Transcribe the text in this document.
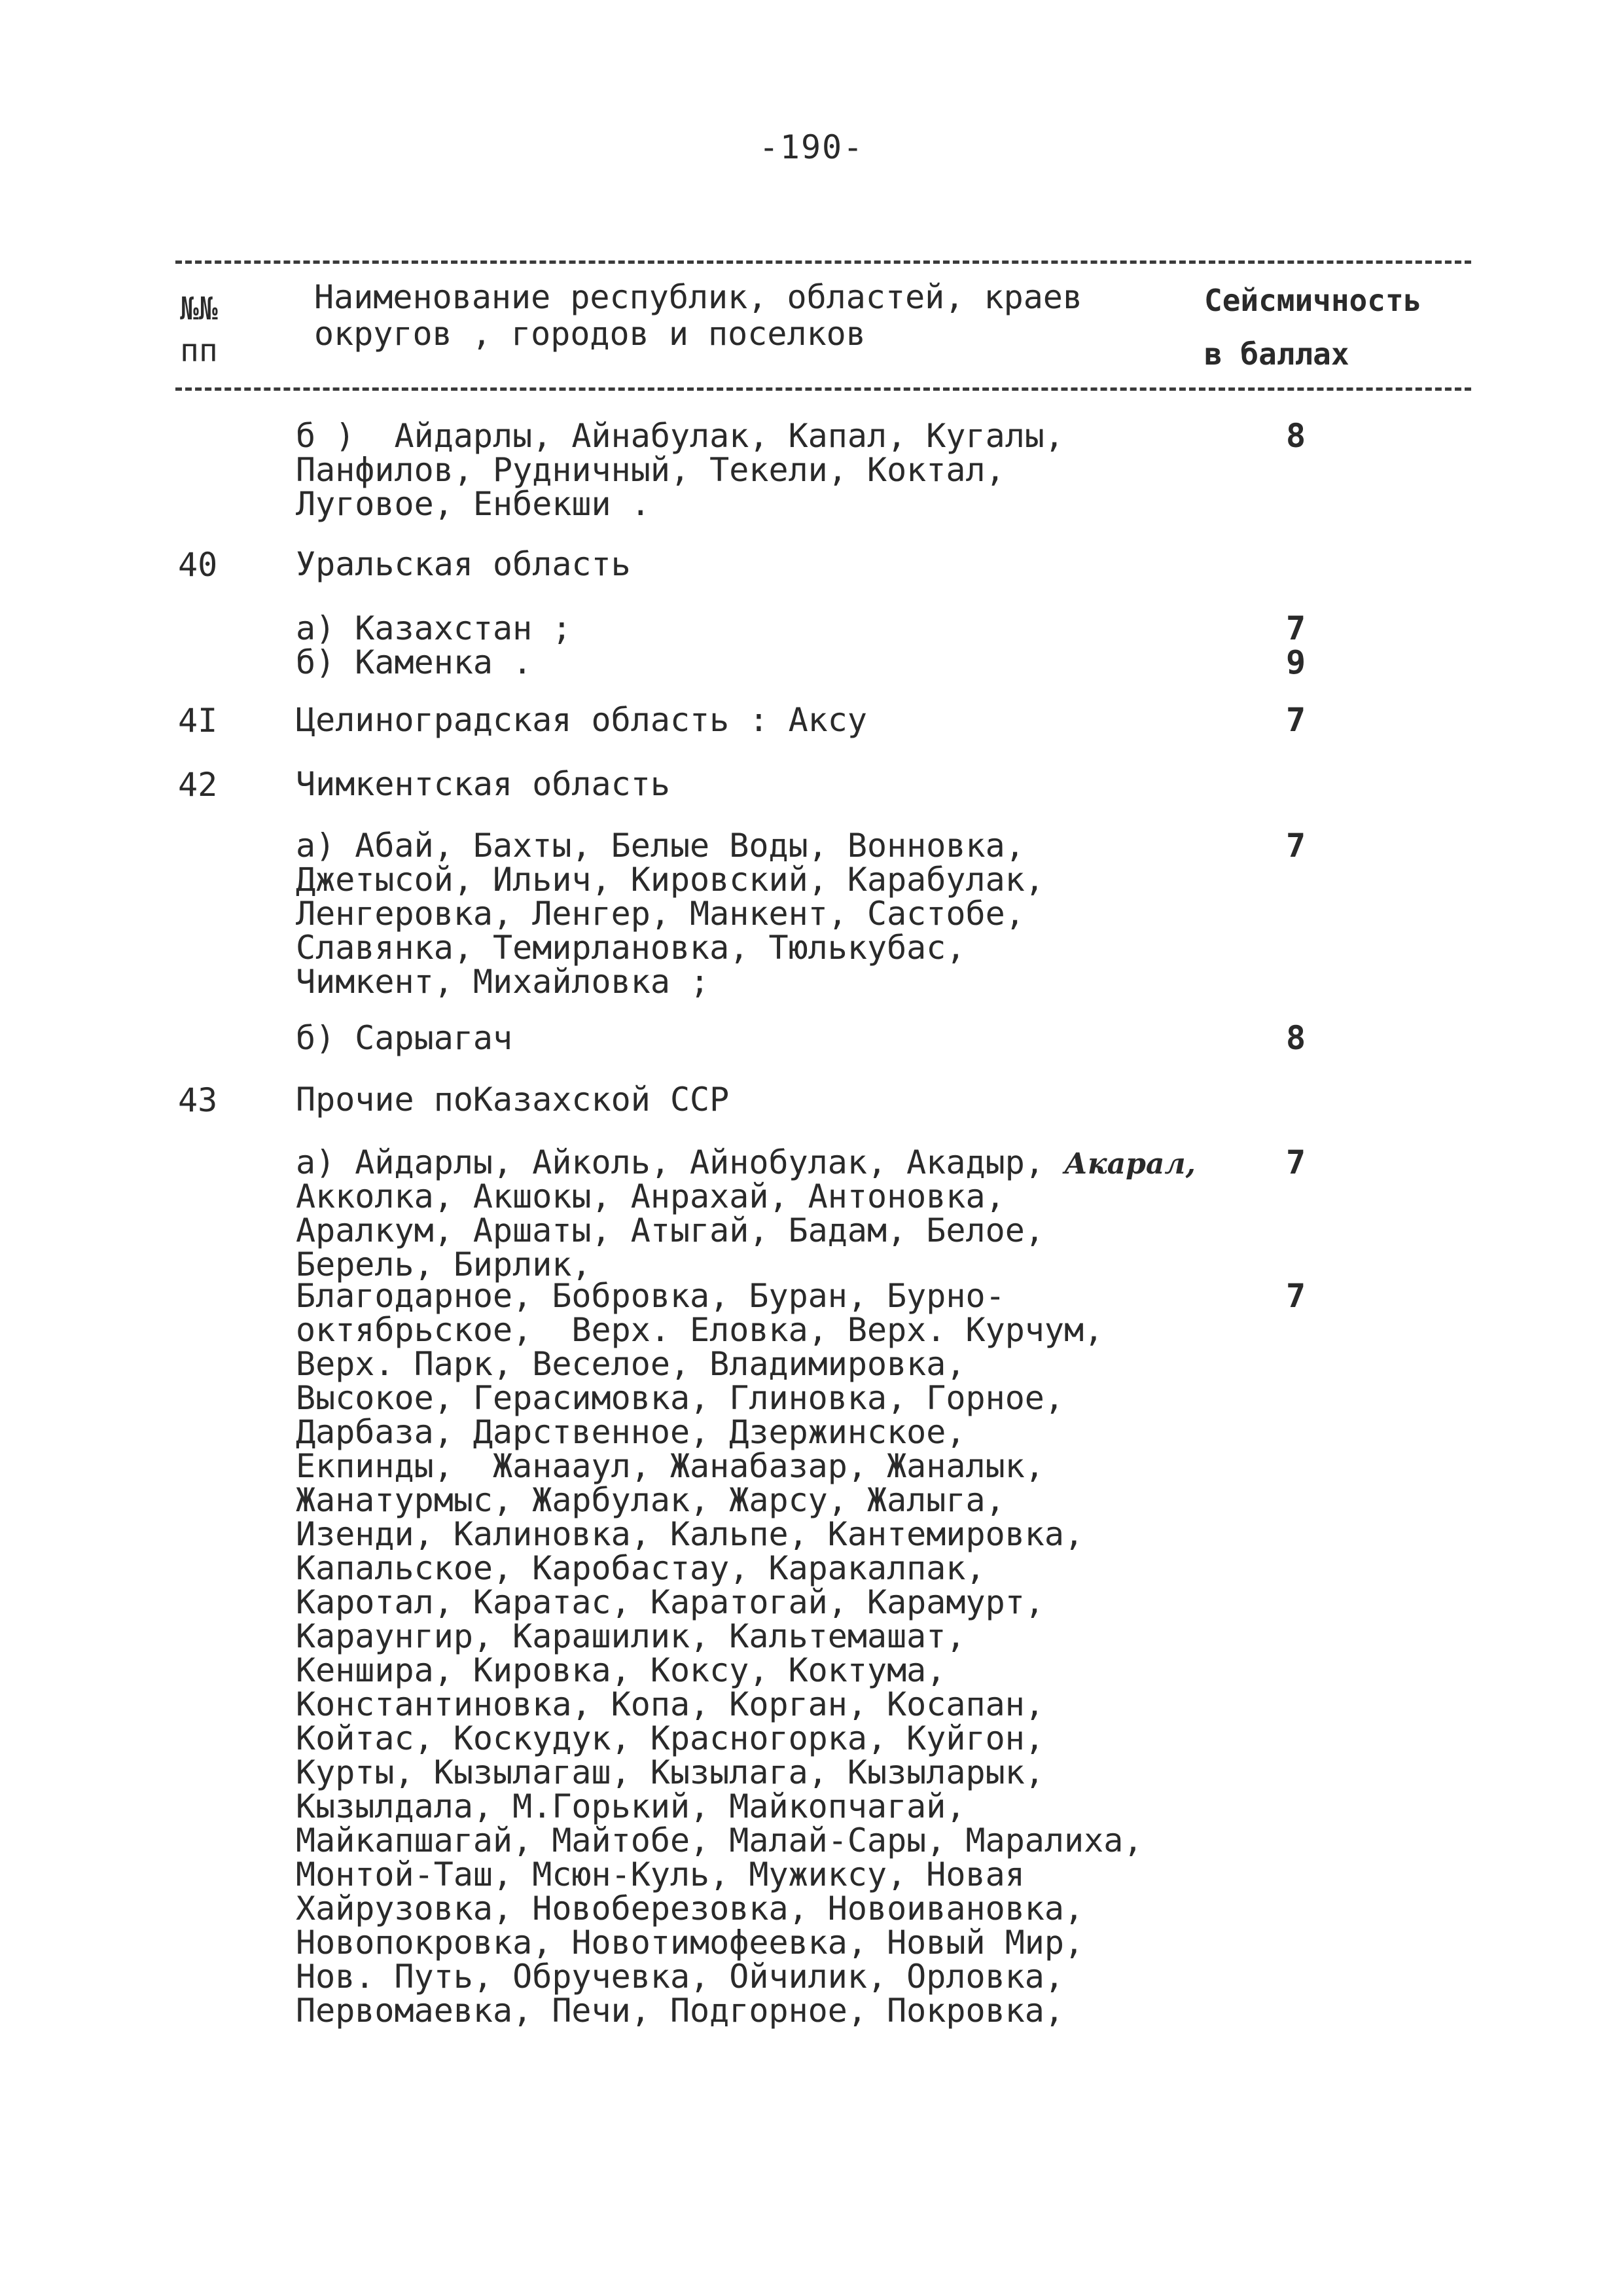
-190-
№№
пп
Наименование республик, областей, краев
округов , городов и поселков
Сейсмичность
в баллах
б )  Айдарлы, Айнабулак, Капал, Кугалы,
Панфилов, Рудничный, Текели, Коктал,
Луговое, Енбекши .
8
40 Уральская область
а) Казахстан ;
б) Каменка .
7
9
4I Целиноградская область : Аксу	7
42 Чимкентская область
а) Абай, Бахты, Белые Воды, Вонновка,
Джетысой, Ильич, Кировский, Карабулак,
Ленгеровка, Ленгер, Манкент, Састобе,
Славянка, Темирлановка, Тюлькубас,
Чимкент, Михайловка ;
7
б) Сарыагач	8
43 Прочие поКазахской ССР
а) Айдарлы, Айколь, Айнобулак, Акадыр, Акарал,
Акколка, Акшокы, Анрахай, Антоновка,
Аралкум, Аршаты, Атыгай, Бадам, Белое,
Берель, Бирлик,
7
Благодарное, Бобровка, Буран, Бурно-
октябрьское,  Верх. Еловка, Верх. Курчум,
Верх. Парк, Веселое, Владимировка,
Высокое, Герасимовка, Глиновка, Горное,
Дарбаза, Дарственное, Дзержинское,
Екпинды,  Жанааул, Жанабазар, Жаналык,
Жанатурмыс, Жарбулак, Жарсу, Жалыга,
Изенди, Калиновка, Кальпе, Кантемировка,
Капальское, Каробастау, Каракалпак,
Каротал, Каратас, Каратогай, Карамурт,
Караунгир, Карашилик, Кальтемашат,
Кеншира, Кировка, Коксу, Коктума,
Константиновка, Копа, Корган, Косапан,
Койтас, Коскудук, Красногорка, Куйгон,
Курты, Кызылагаш, Кызылага, Кызыларык,
Кызылдала, М.Горький, Майкопчагай,
Майкапшагай, Майтобе, Малай-Сары, Маралиха,
Монтой-Таш, Мсюн-Куль, Мужиксу, Новая
Хайрузовка, Новоберезовка, Новоивановка,
Новопокровка, Новотимофеевка, Новый Мир,
Нов. Путь, Обручевка, Ойчилик, Орловка,
Первомаевка, Печи, Подгорное, Покровка,
7
